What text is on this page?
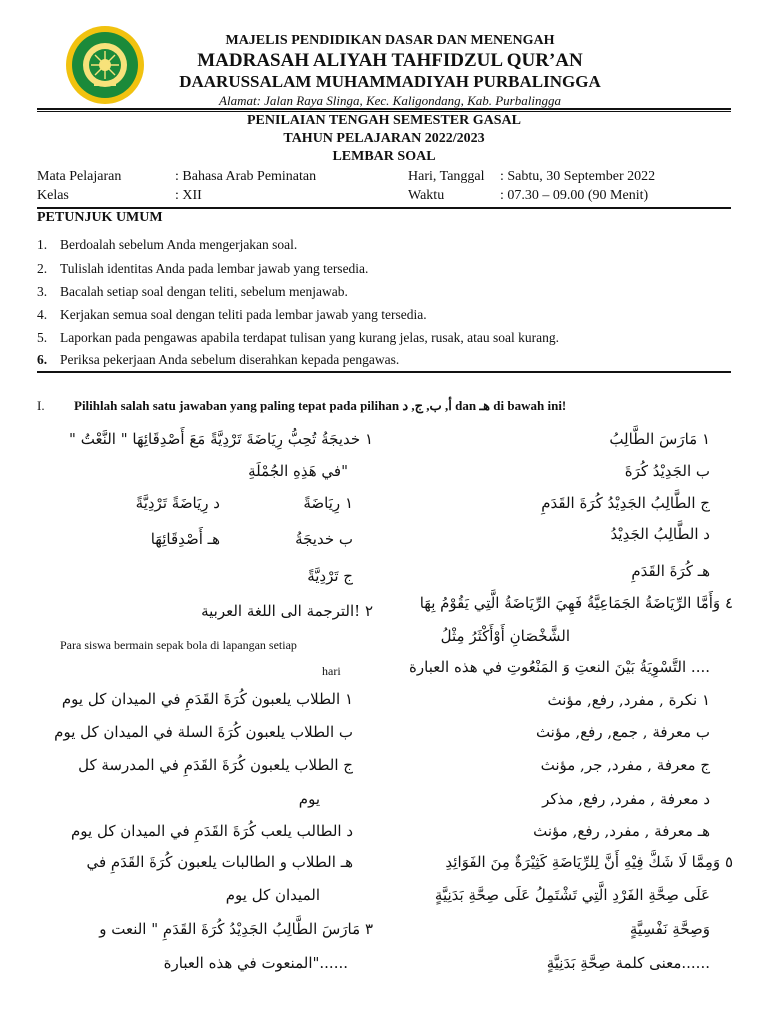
MAJELIS PENDIDIKAN DASAR DAN MENENGAH
MADRASAH ALIYAH TAHFIDZUL QUR’AN
DAARUSSALAM MUHAMMADIYAH PURBALINGGA
Alamat: Jalan Raya Slinga, Kec. Kaligondang, Kab. Purbalingga
PENILAIAN TENGAH SEMESTER GASAL
TAHUN PELAJARAN 2022/2023
LEMBAR SOAL
Mata Pelajaran	: Bahasa Arab Peminatan
Kelas	: XII
Hari, Tanggal : Sabtu, 30 September 2022
Waktu	: 07.30 – 09.00 (90 Menit)
PETUNJUK UMUM
1. Berdoalah sebelum Anda mengerjakan soal.
2. Tulislah identitas Anda pada lembar jawab yang tersedia.
3. Bacalah setiap soal dengan teliti, sebelum menjawab.
4. Kerjakan semua soal dengan teliti pada lembar jawab yang tersedia.
5. Laporkan pada pengawas apabila terdapat tulisan yang kurang jelas, rusak, atau soal kurang.
6. Periksa pekerjaan Anda sebelum diserahkan kepada pengawas.
I. Pilihlah salah satu jawaban yang paling tepat pada pilihan أ, ب, ج, د dan هـ di bawah ini!
١ مَارَسَ الطَّالِبُ
ب الجَدِيْدُ كُرَةَ
ج الطَّالِبُ الجَدِيْدُ كُرَةَ القَدَمِ
د الطَّالِبُ الجَدِيْدُ
هـ كُرَةَ القَدَمِ
٤ وَأَمَّا الرِّيَاضَةُ الجَمَاعِيَّةُ فَهِيَ الرِّيَاضَةُ الَّتِي يَقُوْمُ بِهَا
الشَّخْصَانِ أَوْأَكْثَرُ مِثْلُ
.... التَّسْوِيَةُ بَيْنَ النعتِ وَ المَنْعُوتِ في هذه العبارة
١ نكرة , مفرد, رفع, مؤنث
ب معرفة , جمع, رفع, مؤنث
ج معرفة , مفرد, جر, مؤنث
د معرفة , مفرد, رفع, مذكر
هـ معرفة , مفرد, رفع, مؤنث
٥ وَمِمَّا لَا شَكَّ فِيْهِ أَنَّ لِلرِّيَاضَةِ كَثِيْرَةٌ مِنَ الفَوَائِدِ
عَلَى صِحَّةِ الفَرْدِ الَّتِي تَشْتَمِلُ عَلَى صِحَّةِ بَدَنِيَّةٍ
وَصِحَّةِ نَفْسِيَّةٍ
......معنى كلمة صِحَّةِ بَدَنِيَّةٍ
١ خديجَةُ تُحِبُّ رِيَاضَةَ تَرْدِيَّةً مَعَ أَصْدِقَائِهَا " النَّعْتُ "
"في هَذِهِ الجُمْلَةِ
١ رِيَاضَةً
د رِيَاضَةً تَرْدِيَّةً
ب خديجَةُ
هـ أَصْدِقَائِهَا
ج تَرْدِيَّةً
٢ !الترجمة الى اللغة العربية
Para siswa bermain sepak bola di lapangan setiap
hari
١ الطلاب يلعبون كُرَةَ القَدَمِ في الميدان كل يوم
ب الطلاب يلعبون كُرَةَ السلة في الميدان كل يوم
ج الطلاب يلعبون كُرَةَ القَدَمِ في المدرسة كل
يوم
د الطالب يلعب كُرَةَ القَدَمِ في الميدان كل يوم
هـ الطلاب و الطالبات يلعبون كُرَةَ القَدَمِ في
الميدان كل يوم
٣ مَارَسَ الطَّالِبُ الجَدِيْدُ كُرَةَ القَدَمِ " النعت و
......"المنعوت في هذه العبارة
